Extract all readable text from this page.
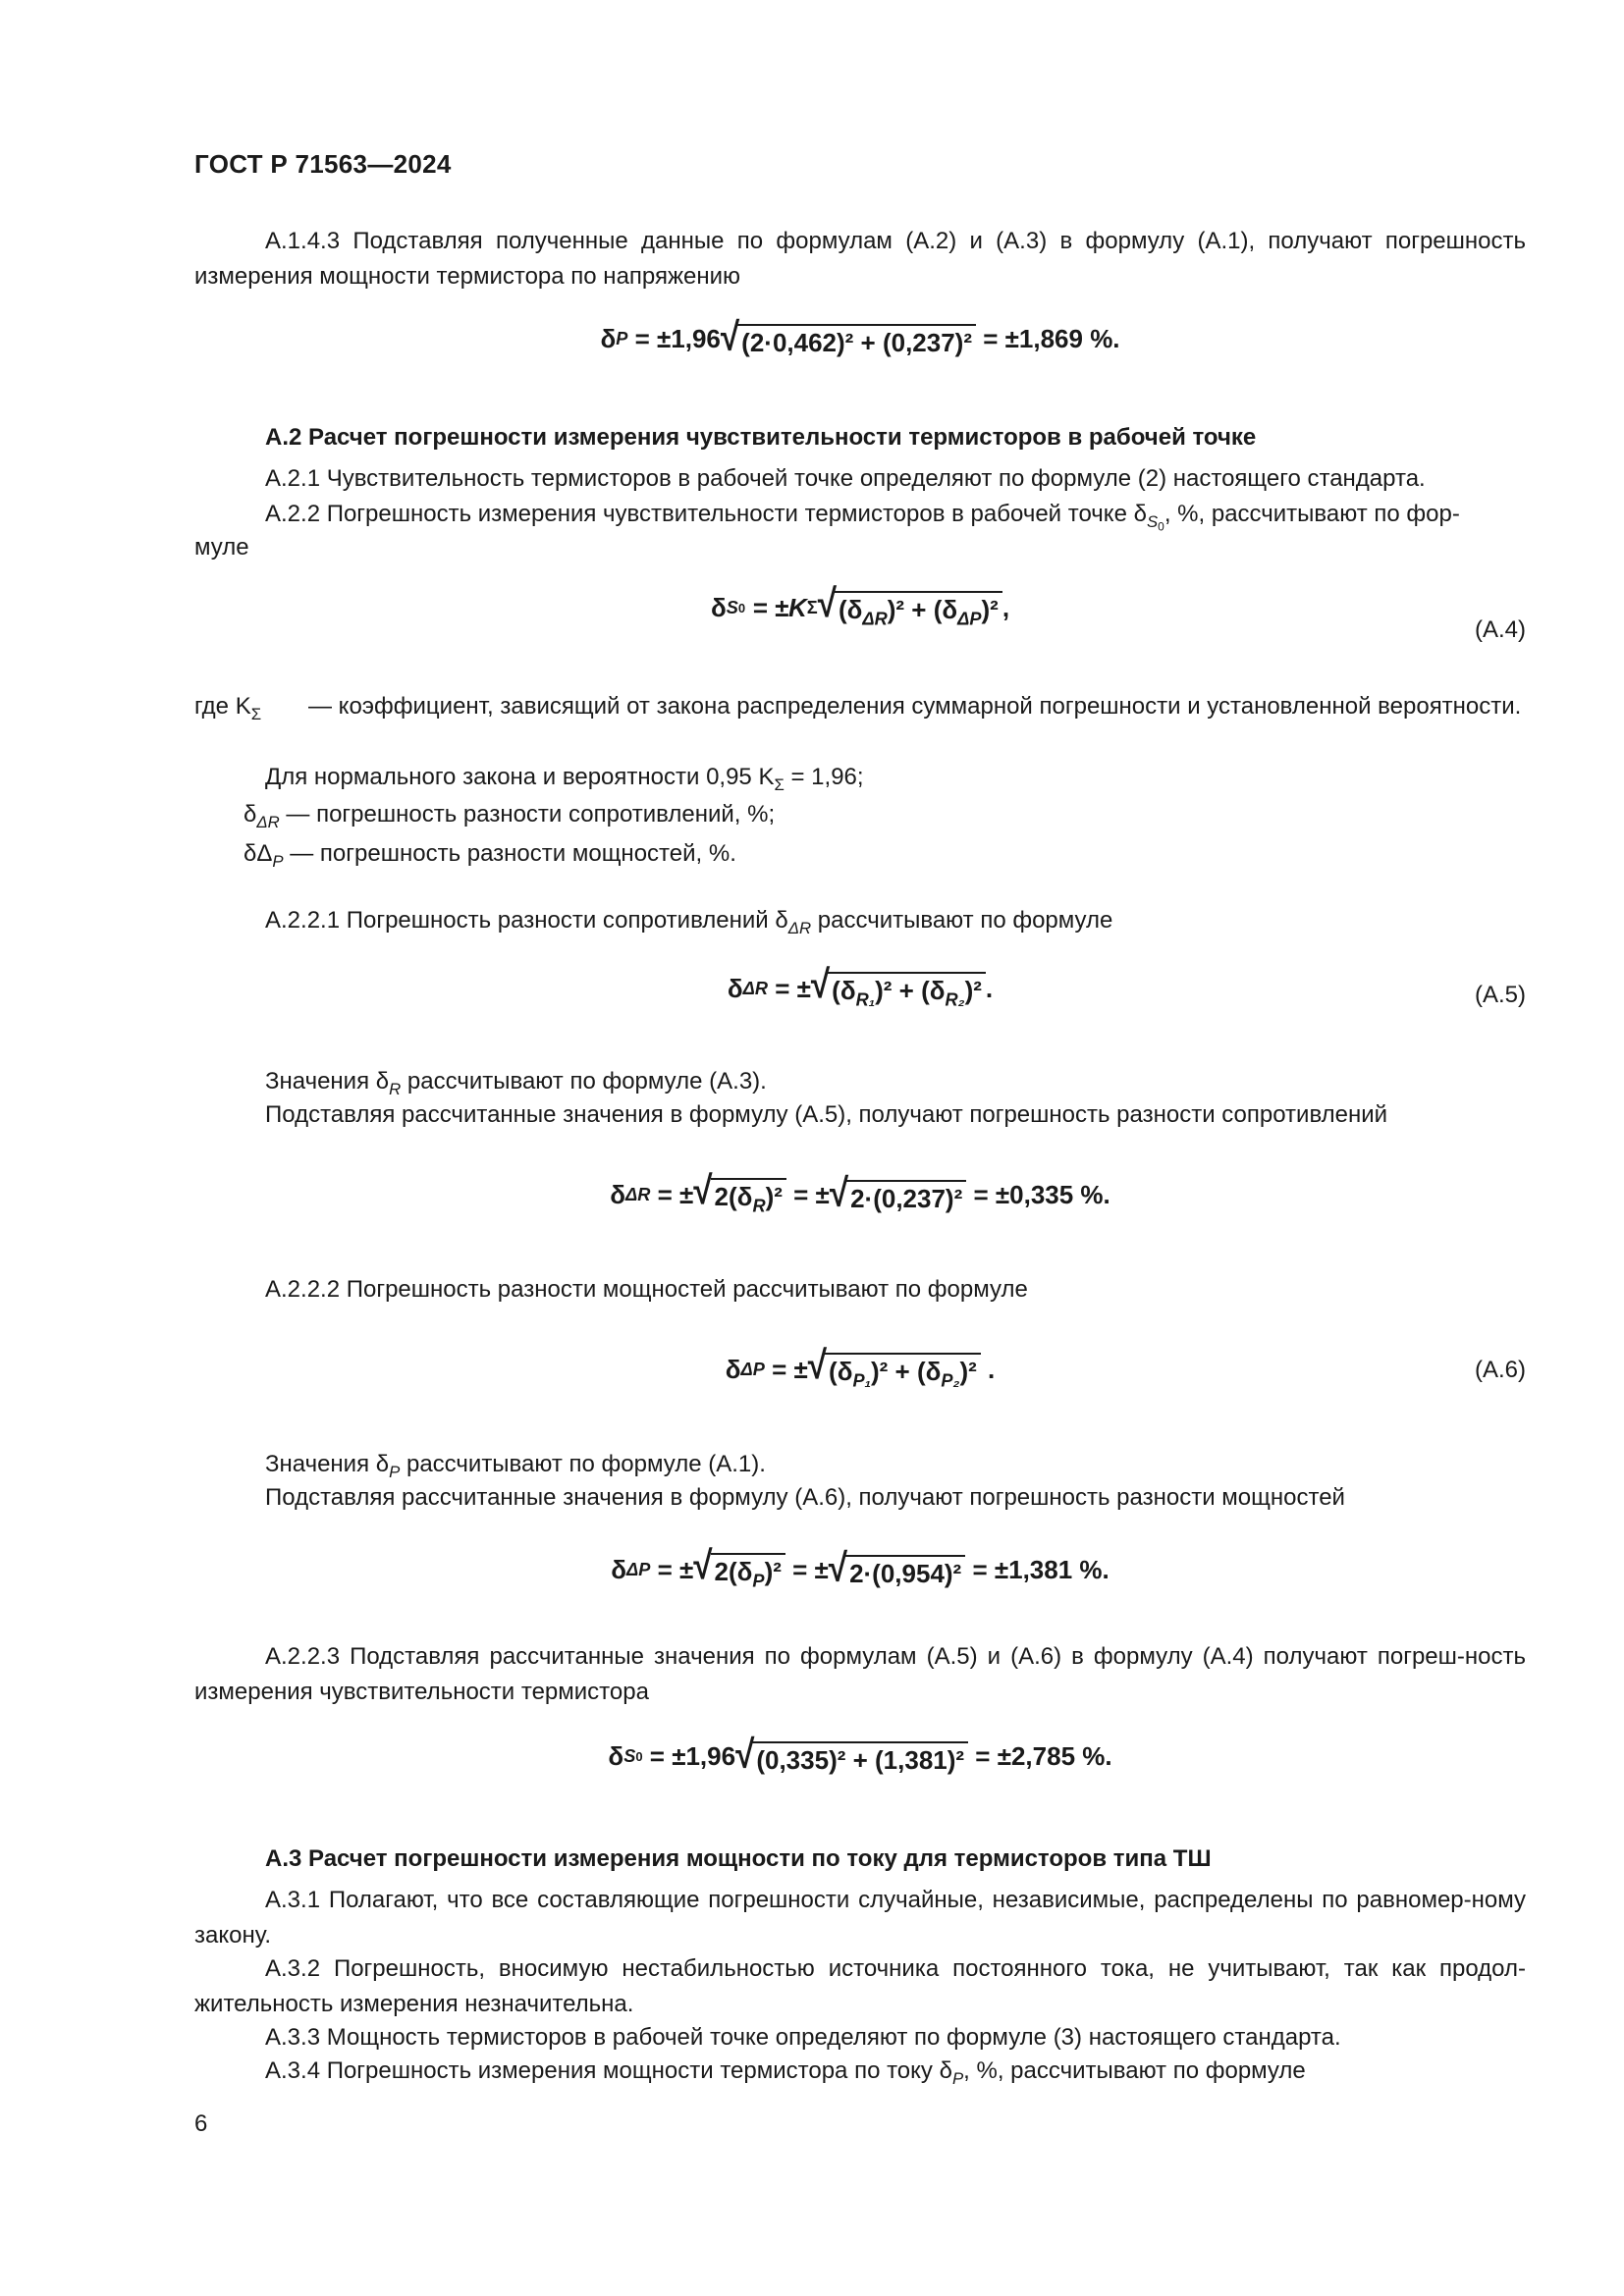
ГОСТ Р 71563—2024
А.1.4.3 Подставляя полученные данные по формулам (А.2) и (А.3) в формулу (А.1), получают погрешность измерения мощности термистора по напряжению
δ P = ±1,96 √ (2·0,462)² + (0,237)² = ±1,869 %.
А.2 Расчет погрешности измерения чувствительности термисторов в рабочей точке
А.2.1 Чувствительность термисторов в рабочей точке определяют по формуле (2) настоящего стандарта.
А.2.2 Погрешность измерения чувствительности термисторов в рабочей точке $\delta_{S0}$, %, рассчитывают по фор-
муле
δ S 0 = ±K Σ √ $(\delta_{\Delta R})^2 + (\delta_{\Delta P})^2$ ,
(А.4)
где $K_\Sigma$ — коэффициент, зависящий от закона распределения суммарной погрешности и установленной вероятности.
Для нормального закона и вероятности 0,95 $K_\Sigma = 1,96$;
$\delta_{\Delta R}$ — погрешность разности сопротивлений, %;
$\delta\Delta_P$ — погрешность разности мощностей, %.
А.2.2.1 Погрешность разности сопротивлений $\delta_{\Delta R}$ рассчитывают по формуле
δ ΔR = ± √ $(\delta_{R_1})^2 + (\delta_{R_2})^2$ .	(А.5)
Значения $\delta_R$ рассчитывают по формуле (А.3).
Подставляя рассчитанные значения в формулу (А.5), получают погрешность разности сопротивлений
δ ΔR = ± √ $2(\delta_R)^2$ = ± √ 2·(0,237)² = ±0,335 %.
А.2.2.2 Погрешность разности мощностей рассчитывают по формуле
δ ΔP = ± √ $(\delta_{P_1})^2 + (\delta_{P_2})^2$ .	(А.6)
Значения $\delta_P$ рассчитывают по формуле (А.1).
Подставляя рассчитанные значения в формулу (А.6), получают погрешность разности мощностей
δ ΔP = ± √ $2(\delta_P)^2$ = ± √ 2·(0,954)² = ±1,381 %.
А.2.2.3 Подставляя рассчитанные значения по формулам (А.5) и (А.6) в формулу (А.4) получают погреш-ность измерения чувствительности термистора
δ S 0 = ±1,96 √ (0,335)² + (1,381)² = ±2,785 %.
А.3 Расчет погрешности измерения мощности по току для термисторов типа ТШ
А.3.1 Полагают, что все составляющие погрешности случайные, независимые, распределены по равномер-ному закону.
А.3.2 Погрешность, вносимую нестабильностью источника постоянного тока, не учитывают, так как продол-жительность измерения незначительна.
А.3.3 Мощность термисторов в рабочей точке определяют по формуле (3) настоящего стандарта.
А.3.4 Погрешность измерения мощности термистора по току $\delta_P$, %, рассчитывают по формуле
6
